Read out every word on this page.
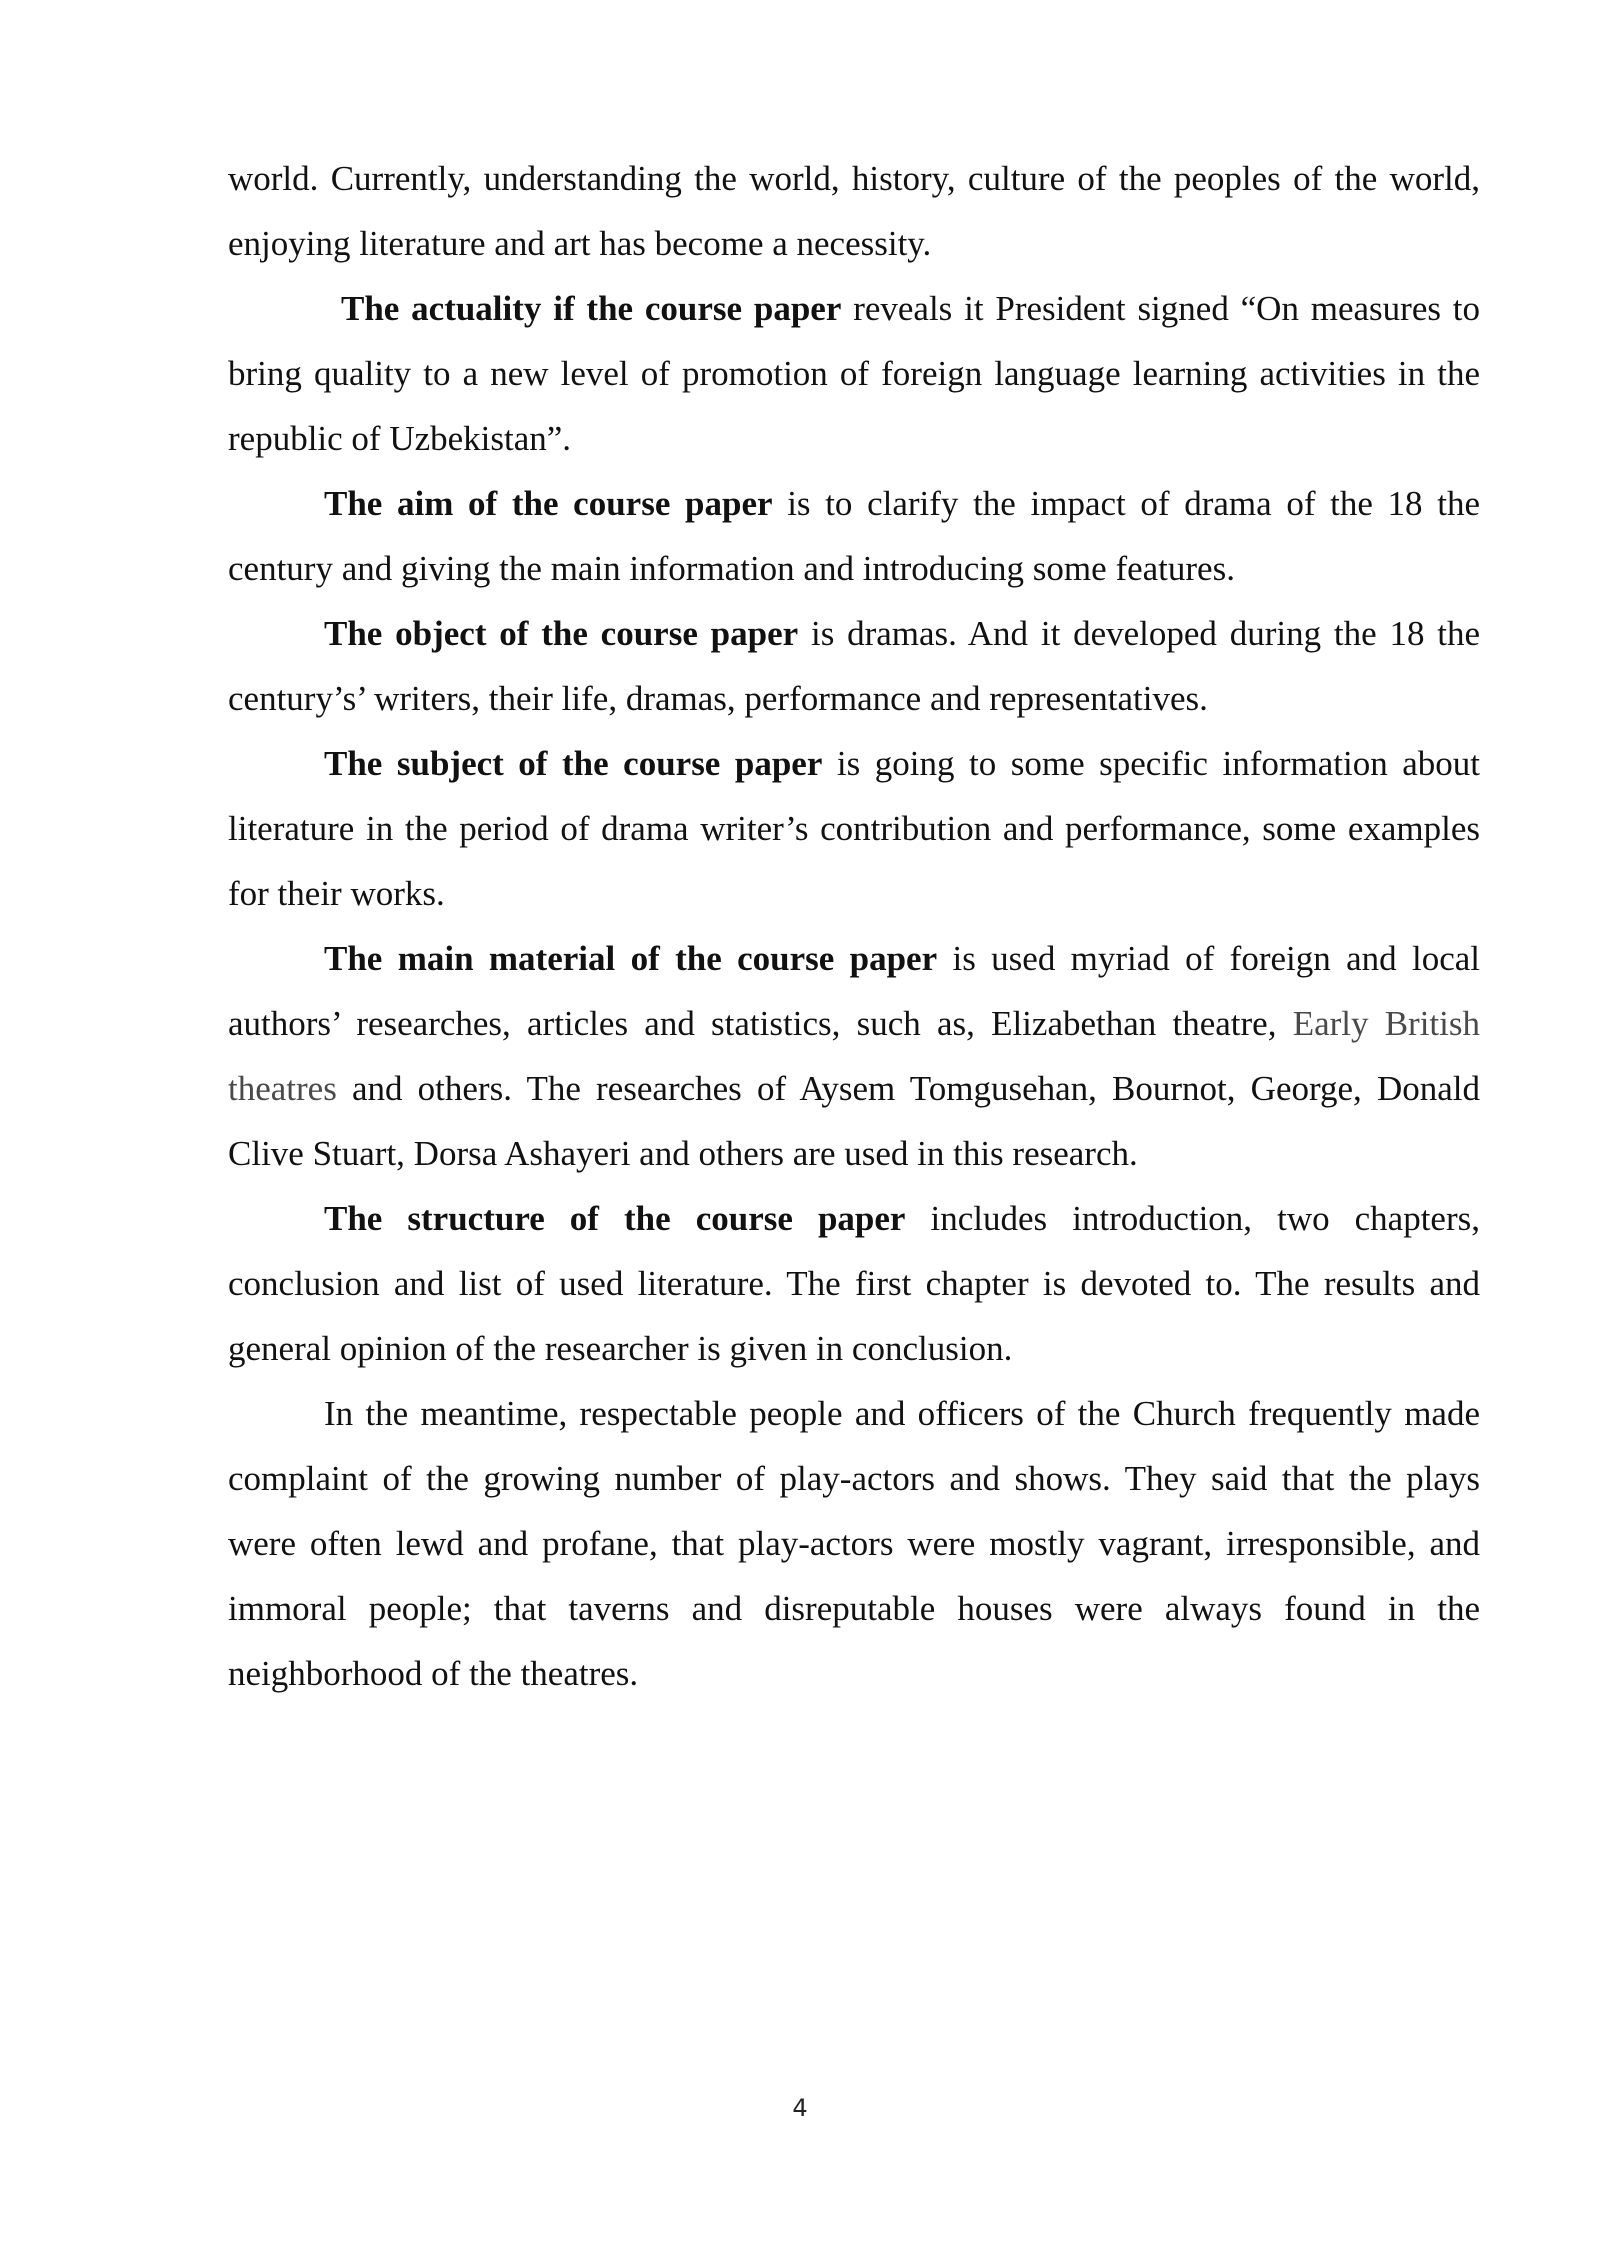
world. Currently, understanding the world, history, culture of the peoples of the world, enjoying literature and art has become a necessity.

The actuality if the course paper reveals it President signed “On measures to bring quality to a new level of promotion of foreign language learning activities in the republic of Uzbekistan”.

The aim of the course paper is to clarify the impact of drama of the 18 the century and giving the main information and introducing some features.

The object of the course paper is dramas. And it developed during the 18 the century’s’ writers, their life, dramas, performance and representatives.

The subject of the course paper is going to some specific information about literature in the period of drama writer’s contribution and performance, some examples for their works.

The main material of the course paper is used myriad of foreign and local authors’ researches, articles and statistics, such as, Elizabethan theatre, Early British theatres and others. The researches of Aysem Tomgusehan, Bournot, George, Donald Clive Stuart, Dorsa Ashayeri and others are used in this research.

The structure of the course paper includes introduction, two chapters, conclusion and list of used literature. The first chapter is devoted to. The results and general opinion of the researcher is given in conclusion.

In the meantime, respectable people and officers of the Church frequently made complaint of the growing number of play-actors and shows. They said that the plays were often lewd and profane, that play-actors were mostly vagrant, irresponsible, and immoral people; that taverns and disreputable houses were always found in the neighborhood of the theatres.

4
